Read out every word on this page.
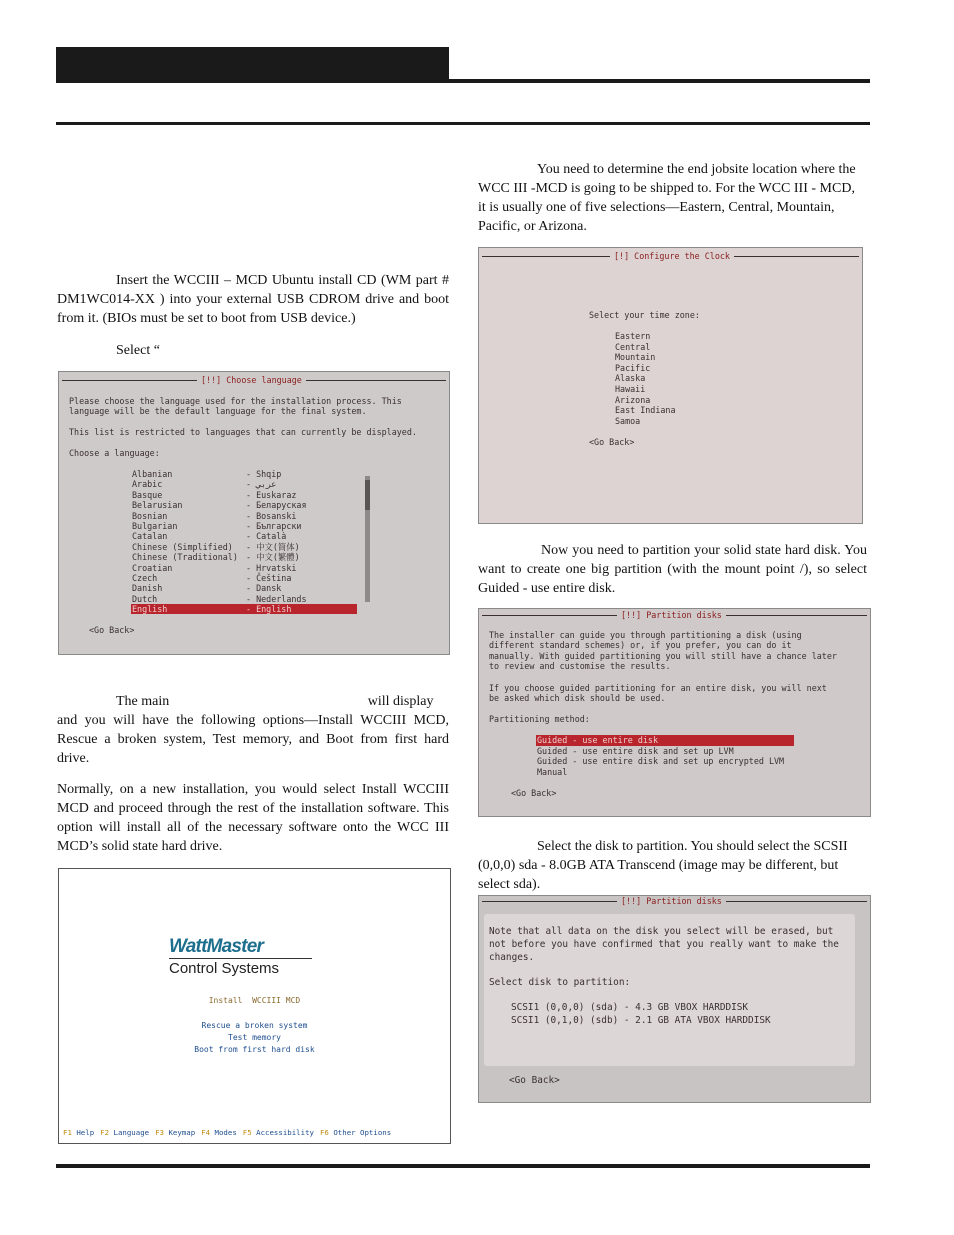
Insert the WCCIII – MCD Ubuntu install CD (WM part # DM1WC014-XX ) into your external USB CDROM drive and boot from it. (BIOs must be set to boot from USB device.)

Select “

[!!] Choose language

Please choose the language used for the installation process. This

language will be the default language for the final system.

This list is restricted to languages that can currently be displayed.

Choose a language:

Albanian	- Shqip
Arabic	- عربي
Basque	- Euskaraz
Belarusian	- Беларуская
Bosnian	- Bosanski
Bulgarian	- Български
Catalan	- Català
Chinese (Simplified) - 中文(简体)
Chinese (Traditional) - 中文(繁體)
Croatian	- Hrvatski
Czech	- Čeština
Danish	- Dansk
Dutch	- Nederlands
English	- English

<Go Back>

The main	will display

and you will have the following options—Install WCCIII MCD, Rescue a broken system, Test memory, and Boot from first hard drive.

Normally, on a new installation, you would select Install WCCIII MCD and proceed through the rest of the installation software. This option will install all of the necessary software onto the WCC III MCD’s solid state hard drive.

WattMaster
Control Systems
Install  WCCIII MCD
Rescue a broken system
Test memory
Boot from first hard disk
F1 Help F2 Language F3 Keymap F4 Modes F5 Accessibility F6 Other Options

You need to determine the end jobsite location where the WCC III -MCD is going to be shipped to. For the WCC III - MCD, it is usually one of five selections—Eastern, Central, Mountain, Pacific, or Arizona.

[!] Configure the Clock

Select your time zone:

Eastern
Central
Mountain
Pacific
Alaska
Hawaii
Arizona
East Indiana
Samoa

<Go Back>

Now you need to partition your solid state hard disk. You want to create one big partition (with the mount point /), so select Guided - use entire disk.

[!!] Partition disks

The installer can guide you through partitioning a disk (using

different standard schemes) or, if you prefer, you can do it

manually. With guided partitioning you will still have a chance later

to review and customise the results.

If you choose guided partitioning for an entire disk, you will next

be asked which disk should be used.

Partitioning method:

Guided - use entire disk
Guided - use entire disk and set up LVM
Guided - use entire disk and set up encrypted LVM
Manual

<Go Back>

Select the disk to partition. You should select the SCSII (0,0,0) sda - 8.0GB ATA Transcend (image may be different, but select sda).

[!!] Partition disks

Note that all data on the disk you select will be erased, but

not before you have confirmed that you really want to make the

changes.

Select disk to partition:

SCSI1 (0,0,0) (sda) - 4.3 GB VBOX HARDDISK
SCSI1 (0,1,0) (sdb) - 2.1 GB ATA VBOX HARDDISK

<Go Back>
